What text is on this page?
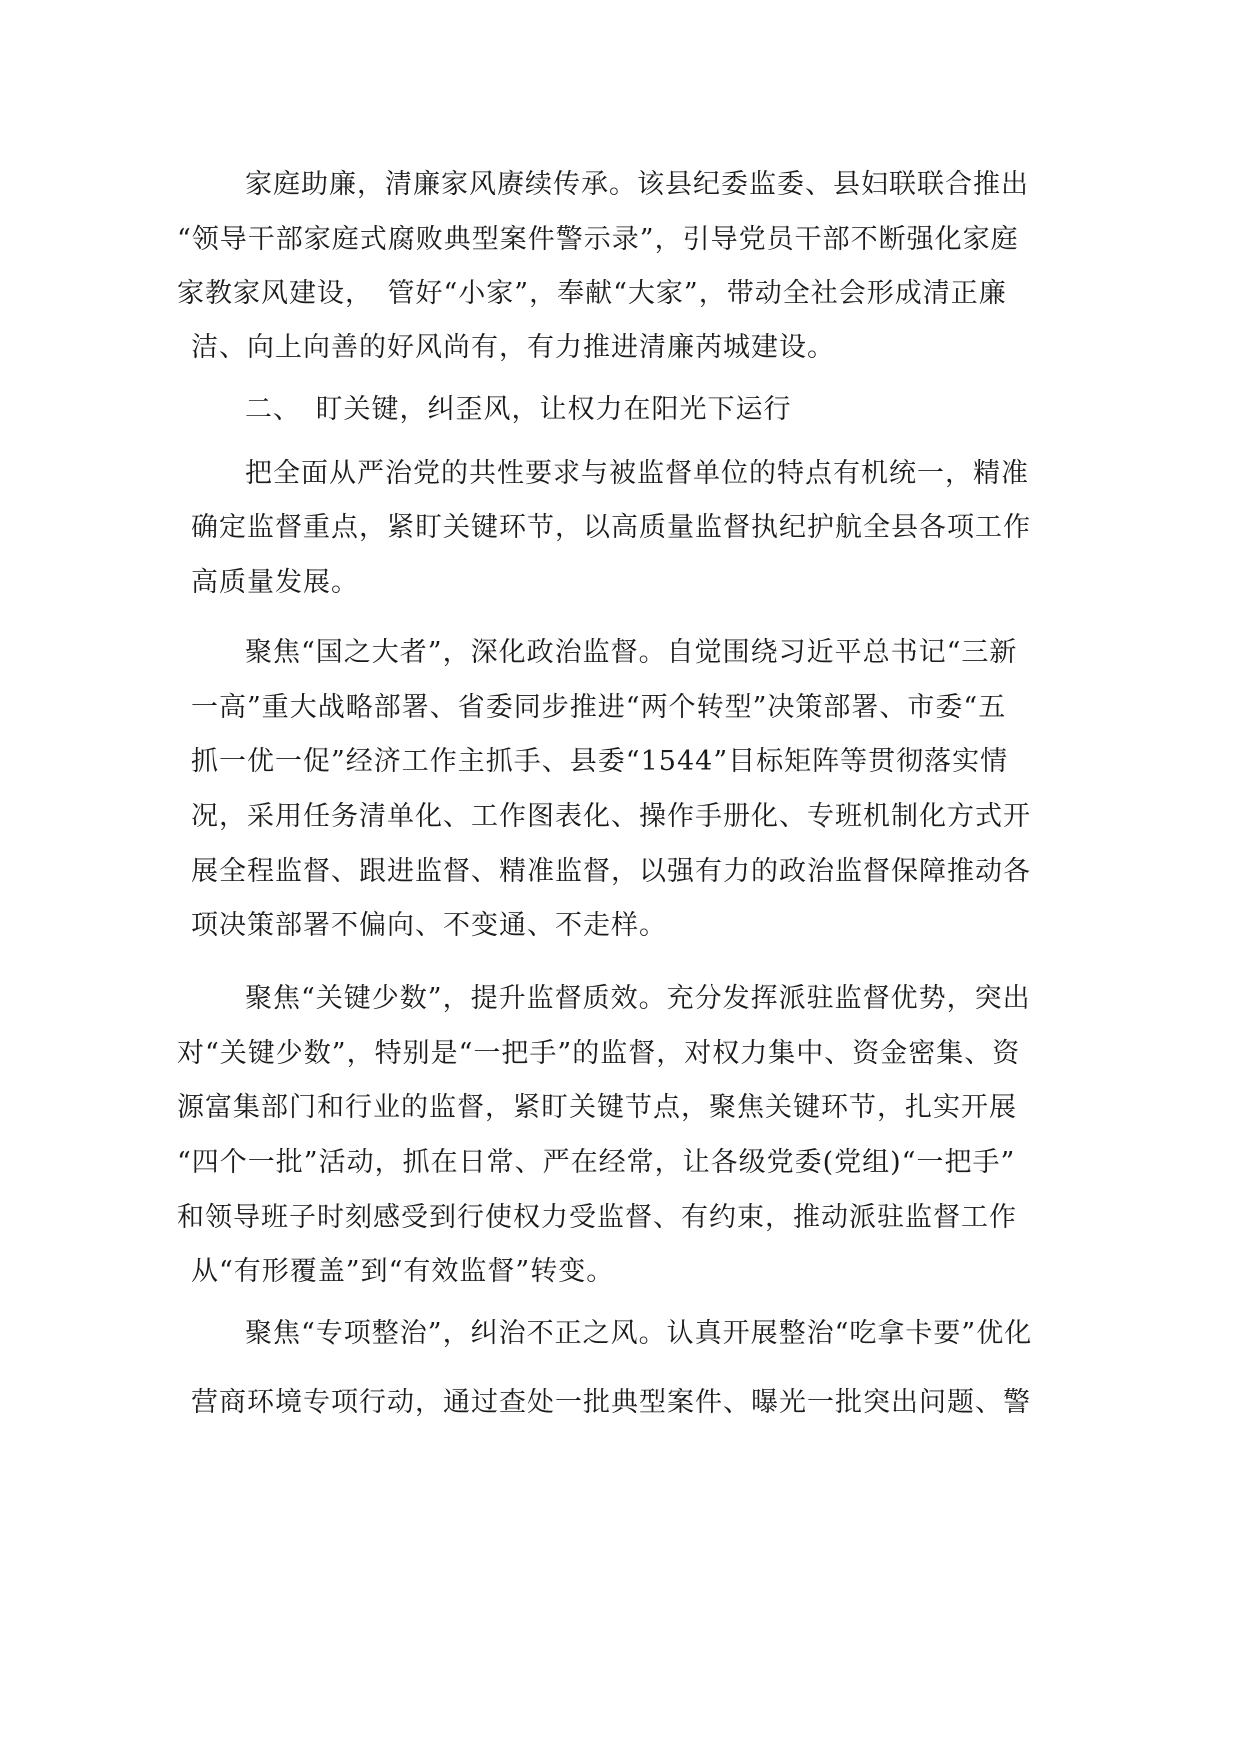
家庭助廉，清廉家风赓续传承。该县纪委监委、县妇联联合推出
“领导干部家庭式腐败典型案件警示录”，引导党员干部不断强化家庭
家教家风建设，　管好“小家”，奉献“大家”，带动全社会形成清正廉
洁、向上向善的好风尚有，有力推进清廉芮城建设。
二、　盯关键，纠歪风，让权力在阳光下运行
把全面从严治党的共性要求与被监督单位的特点有机统一，精准
确定监督重点，紧盯关键环节，以高质量监督执纪护航全县各项工作
高质量发展。
聚焦“国之大者”，深化政治监督。自觉围绕习近平总书记“三新
一高”重大战略部署、省委同步推进“两个转型”决策部署、市委“五
抓一优一促”经济工作主抓手、县委“1544”目标矩阵等贯彻落实情
况，采用任务清单化、工作图表化、操作手册化、专班机制化方式开
展全程监督、跟进监督、精准监督，以强有力的政治监督保障推动各
项决策部署不偏向、不变通、不走样。
聚焦“关键少数”，提升监督质效。充分发挥派驻监督优势，突出
对“关键少数”，特别是“一把手”的监督，对权力集中、资金密集、资
源富集部门和行业的监督，紧盯关键节点，聚焦关键环节，扎实开展
“四个一批”活动，抓在日常、严在经常，让各级党委(党组)“一把手”
和领导班子时刻感受到行使权力受监督、有约束，推动派驻监督工作
从“有形覆盖”到“有效监督”转变。
聚焦“专项整治”，纠治不正之风。认真开展整治“吃拿卡要”优化
营商环境专项行动，通过查处一批典型案件、曝光一批突出问题、警
